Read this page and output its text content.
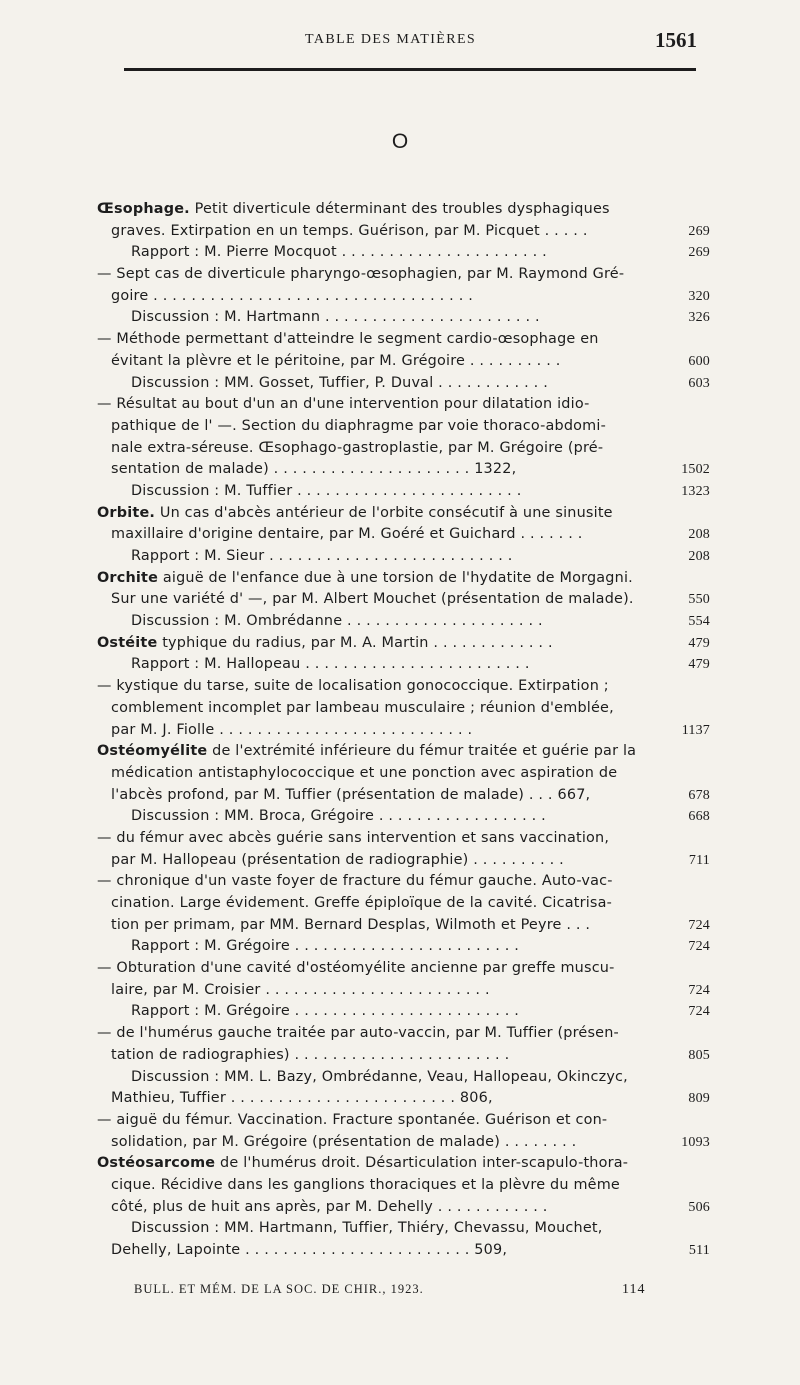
TABLE DES MATIÈRES	1561
O
Œsophage. Petit diverticule déterminant des troubles dysphagiques
graves. Extirpation en un temps. Guérison, par M. Picquet . . . . .	269
Rapport : M. Pierre Mocquot . . . . . . . . . . . . . . . . . . . . . .	269
— Sept cas de diverticule pharyngo-œsophagien, par M. Raymond Gré-
goire . . . . . . . . . . . . . . . . . . . . . . . . . . . . . . . . . .	320
Discussion : M. Hartmann . . . . . . . . . . . . . . . . . . . . . . .	326
— Méthode permettant d'atteindre le segment cardio-œsophage en
évitant la plèvre et le péritoine, par M. Grégoire . . . . . . . . . .	600
Discussion : MM. Gosset, Tuffier, P. Duval . . . . . . . . . . . .	603
— Résultat au bout d'un an d'une intervention pour dilatation idio-
pathique de l' —. Section du diaphragme par voie thoraco-abdomi-
nale extra-séreuse. Œsophago-gastroplastie, par M. Grégoire (pré-
sentation de malade) . . . . . . . . . . . . . . . . . . . . . 1322,	1502
Discussion : M. Tuffier . . . . . . . . . . . . . . . . . . . . . . . .	1323
Orbite. Un cas d'abcès antérieur de l'orbite consécutif à une sinusite
maxillaire d'origine dentaire, par M. Goéré et Guichard . . . . . . .	208
Rapport : M. Sieur . . . . . . . . . . . . . . . . . . . . . . . . . .	208
Orchite aiguë de l'enfance due à une torsion de l'hydatite de Morgagni.
Sur une variété d' —, par M. Albert Mouchet (présentation de malade).	550
Discussion : M. Ombrédanne . . . . . . . . . . . . . . . . . . . . .	554
Ostéite typhique du radius, par M. A. Martin . . . . . . . . . . . . .	479
Rapport : M. Hallopeau . . . . . . . . . . . . . . . . . . . . . . . .	479
— kystique du tarse, suite de localisation gonococcique. Extirpation ;
comblement incomplet par lambeau musculaire ; réunion d'emblée,
par M. J. Fiolle . . . . . . . . . . . . . . . . . . . . . . . . . . .	1137
Ostéomyélite de l'extrémité inférieure du fémur traitée et guérie par la
médication antistaphylococcique et une ponction avec aspiration de
l'abcès profond, par M. Tuffier (présentation de malade) . . . 667,	678
Discussion : MM. Broca, Grégoire . . . . . . . . . . . . . . . . . .	668
— du fémur avec abcès guérie sans intervention et sans vaccination,
par M. Hallopeau (présentation de radiographie) . . . . . . . . . .	711
— chronique d'un vaste foyer de fracture du fémur gauche. Auto-vac-
cination. Large évidement. Greffe épiploïque de la cavité. Cicatrisa-
tion per primam, par MM. Bernard Desplas, Wilmoth et Peyre . . .	724
Rapport : M. Grégoire . . . . . . . . . . . . . . . . . . . . . . . .	724
— Obturation d'une cavité d'ostéomyélite ancienne par greffe muscu-
laire, par M. Croisier . . . . . . . . . . . . . . . . . . . . . . . .	724
Rapport : M. Grégoire . . . . . . . . . . . . . . . . . . . . . . . .	724
— de l'humérus gauche traitée par auto-vaccin, par M. Tuffier (présen-
tation de radiographies) . . . . . . . . . . . . . . . . . . . . . . .	805
Discussion : MM. L. Bazy, Ombrédanne, Veau, Hallopeau, Okinczyc,
Mathieu, Tuffier . . . . . . . . . . . . . . . . . . . . . . . . 806,	809
— aiguë du fémur. Vaccination. Fracture spontanée. Guérison et con-
solidation, par M. Grégoire (présentation de malade) . . . . . . . .	1093
Ostéosarcome de l'humérus droit. Désarticulation inter-scapulo-thora-
cique. Récidive dans les ganglions thoraciques et la plèvre du même
côté, plus de huit ans après, par M. Dehelly . . . . . . . . . . . .	506
Discussion : MM. Hartmann, Tuffier, Thiéry, Chevassu, Mouchet,
Dehelly, Lapointe . . . . . . . . . . . . . . . . . . . . . . . . 509,	511
BULL. ET MÉM. DE LA SOC. DE CHIR., 1923.	114
